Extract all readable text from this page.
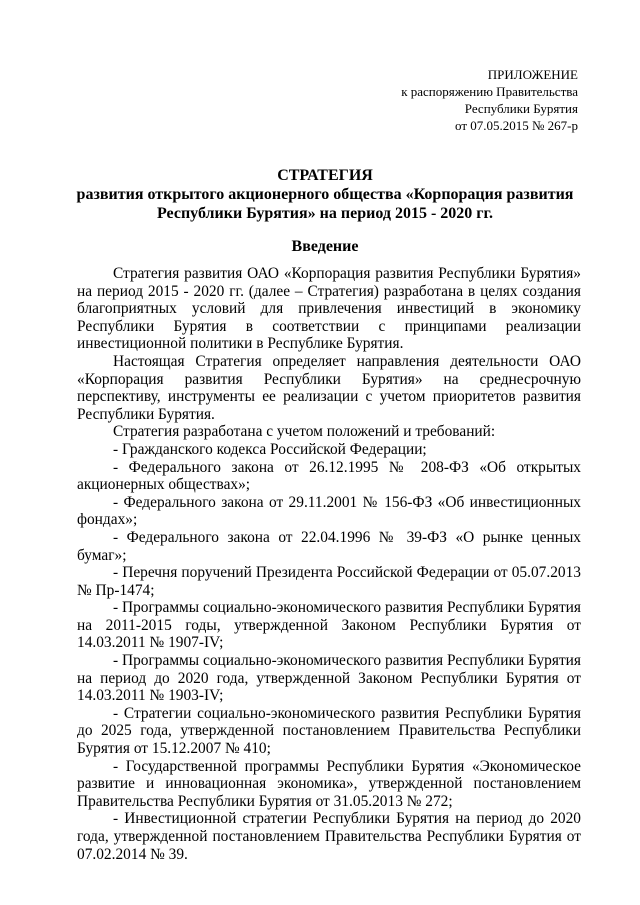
ПРИЛОЖЕНИЕ
к распоряжению Правительства
Республики Бурятия
от 07.05.2015 № 267-р
СТРАТЕГИЯ
развития открытого акционерного общества «Корпорация развития
Республики Бурятия» на период 2015 - 2020 гг.
Введение

Стратегия развития ОАО «Корпорация развития Республики Бурятия» на период 2015 - 2020 гг. (далее – Стратегия) разработана в целях создания благоприятных условий для привлечения инвестиций в экономику Республики Бурятия в соответствии с принципами реализации инвестиционной политики в Республике Бурятия.

Настоящая Стратегия определяет направления деятельности ОАО «Корпорация развития Республики Бурятия» на среднесрочную перспективу, инструменты ее реализации с учетом приоритетов развития Республики Бурятия.

Стратегия разработана с учетом положений и требований:

- Гражданского кодекса Российской Федерации;

- Федерального закона от 26.12.1995 № 208-ФЗ «Об открытых акционерных обществах»;

- Федерального закона от 29.11.2001 № 156-ФЗ «Об инвестиционных фондах»;

- Федерального закона от 22.04.1996 № 39-ФЗ «О рынке ценных бумаг»;

- Перечня поручений Президента Российской Федерации от 05.07.2013 № Пр-1474;

- Программы социально-экономического развития Республики Бурятия на 2011-2015 годы, утвержденной Законом Республики Бурятия от 14.03.2011 № 1907-IV;

- Программы социально-экономического развития Республики Бурятия на период до 2020 года, утвержденной Законом Республики Бурятия от 14.03.2011 № 1903-IV;

- Стратегии социально-экономического развития Республики Бурятия до 2025 года, утвержденной постановлением Правительства Республики Бурятия от 15.12.2007 № 410;

- Государственной программы Республики Бурятия «Экономическое развитие и инновационная экономика», утвержденной постановлением Правительства Республики Бурятия от 31.05.2013 № 272;

- Инвестиционной стратегии Республики Бурятия на период до 2020 года, утвержденной постановлением Правительства Республики Бурятия от 07.02.2014 № 39.
